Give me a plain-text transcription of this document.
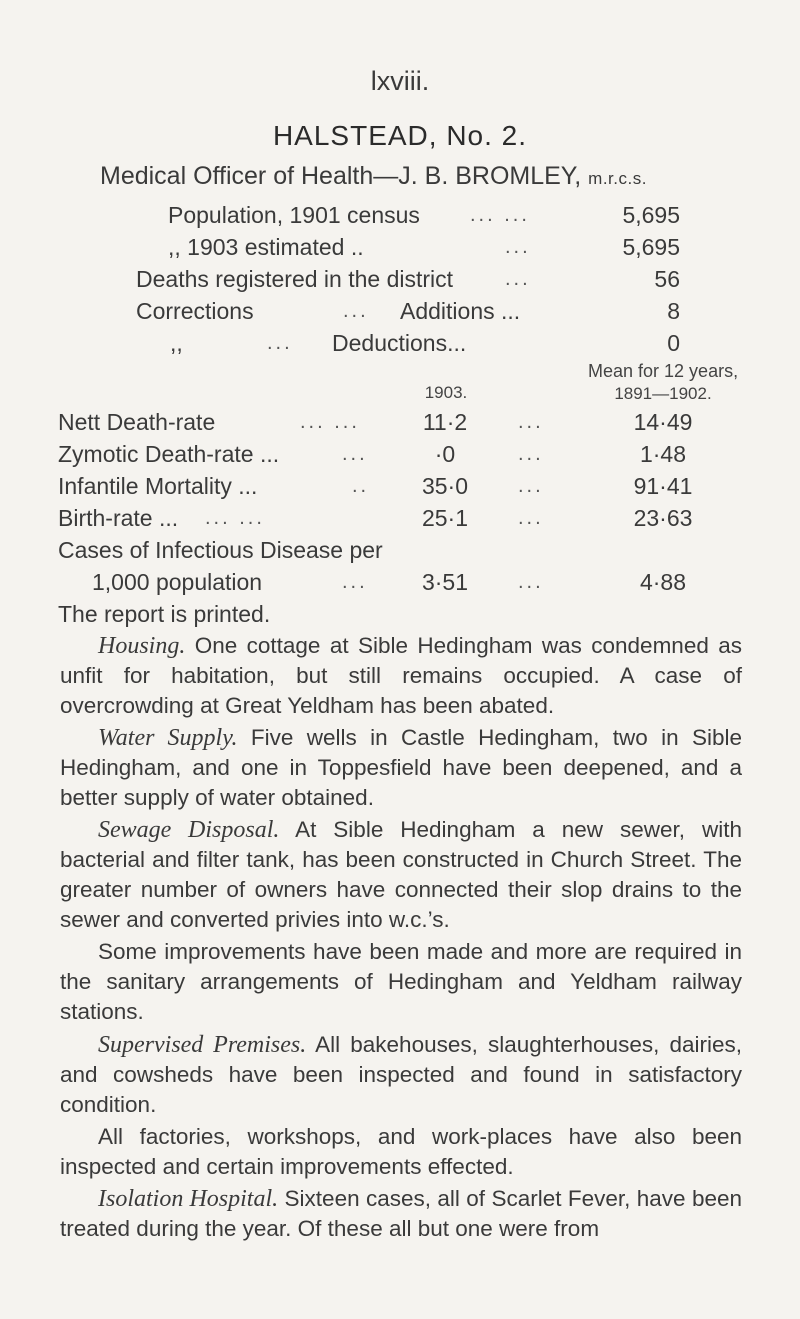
lxviii.
HALSTEAD, No. 2.
Medical Officer of Health—J. B. BROMLEY, m.r.c.s.
Population, 1901 census	... ...	5,695
,, 1903 estimated ..	...	5,695
Deaths registered in the district	...	56
Corrections	... Additions ...	8
,,	... Deductions...	0
1903.
Mean for 12 years,
1891—1902.
Nett Death-rate	... ...	11·2	...	14·49
Zymotic Death-rate ...	...	·0	...	1·48
Infantile Mortality ...	..	35·0	...	91·41
Birth-rate ... ... ...	25·1	...	23·63
Cases of Infectious Disease per
1,000 population	...	3·51	...	4·88
The report is printed.
Housing. One cottage at Sible Hedingham was condemned as unfit for habitation, but still remains occupied. A case of overcrowding at Great Yeldham has been abated.
Water Supply. Five wells in Castle Hedingham, two in Sible Hedingham, and one in Toppesfield have been deepened, and a better supply of water obtained.
Sewage Disposal. At Sible Hedingham a new sewer, with bacterial and filter tank, has been constructed in Church Street. The greater number of owners have connected their slop drains to the sewer and converted privies into w.c.’s.
Some improvements have been made and more are required in the sanitary arrangements of Hedingham and Yeldham railway stations.
Supervised Premises. All bakehouses, slaughterhouses, dairies, and cowsheds have been inspected and found in satisfactory condition.
All factories, workshops, and work-places have also been inspected and certain improvements effected.
Isolation Hospital. Sixteen cases, all of Scarlet Fever, have been treated during the year. Of these all but one were from
